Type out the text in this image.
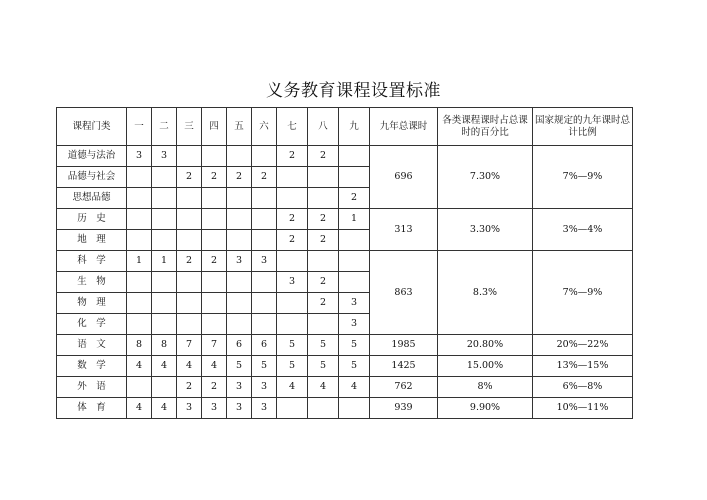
义务教育课程设置标准
课程门类	一	二	三	四	五	六	七	八	九	九年总课时	各类课程课时占总课时的百分比	国家规定的九年课时总计比例
道德与法治	3	3					2	2		696	7.30%	7%—9%
品德与社会			2	2	2	2						
思想品德									2			
历　史							2	2	1	313	3.30%	3%—4%
地　理							2	2				
科　学	1	1	2	2	3	3				863	8.3%	7%—9%
生　物							3	2				
物　理								2	3			
化　学									3			
语　文	8	8	7	7	6	6	5	5	5	1985	20.80%	20%—22%
数　学	4	4	4	4	5	5	5	5	5	1425	15.00%	13%—15%
外　语			2	2	3	3	4	4	4	762	8%	6%—8%
体　育	4	4	3	3	3	3				939	9.90%	10%—11%
